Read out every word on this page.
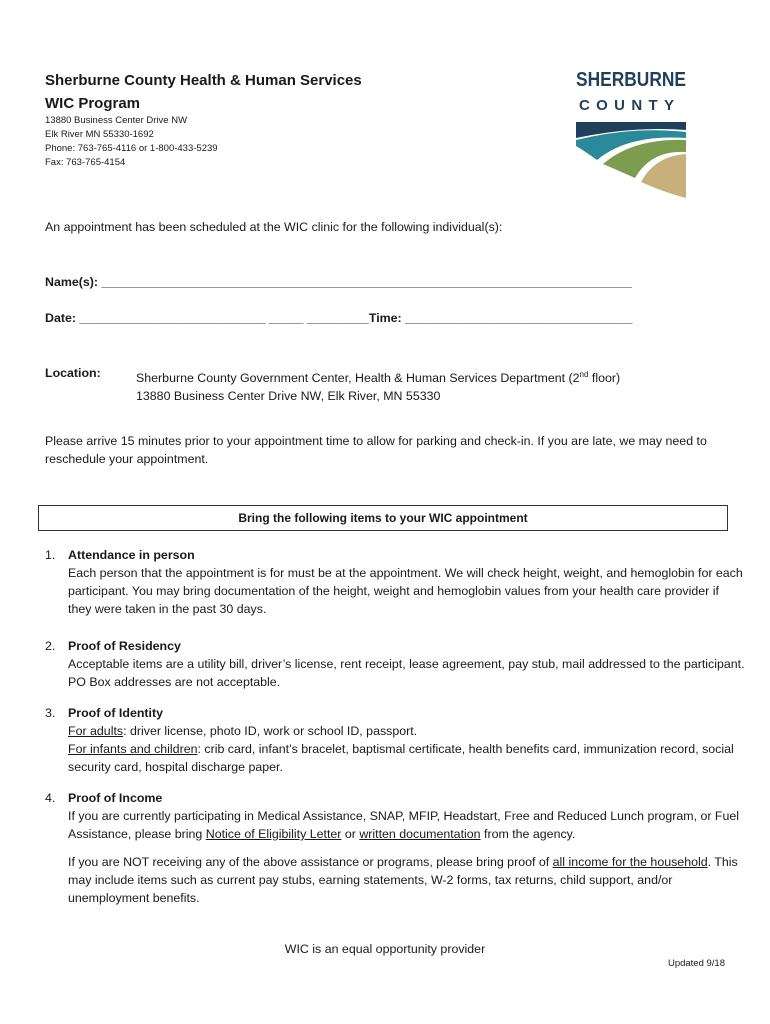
Sherburne County Health & Human Services
WIC Program
13880 Business Center Drive NW
Elk River MN 55330-1692
Phone: 763-765-4116 or 1-800-433-5239
Fax: 763-765-4154
SHERBURNE
COUNTY
An appointment has been scheduled at the WIC clinic for the following individual(s):
Name(s): _____________________________________________________________________________
Date: ___________________________ _____ _________Time: _________________________________
Location:	Sherburne County Government Center, Health & Human Services Department (2nd floor)
13880 Business Center Drive NW, Elk River, MN 55330
Please arrive 15 minutes prior to your appointment time to allow for parking and check-in. If you are late, we may need to reschedule your appointment.
Bring the following items to your WIC appointment
1. Attendance in person
Each person that the appointment is for must be at the appointment. We will check height, weight, and hemoglobin for each participant. You may bring documentation of the height, weight and hemoglobin values from your health care provider if they were taken in the past 30 days.
2. Proof of Residency
Acceptable items are a utility bill, driver’s license, rent receipt, lease agreement, pay stub, mail addressed to the participant. PO Box addresses are not acceptable.
3. Proof of Identity
For adults: driver license, photo ID, work or school ID, passport.
For infants and children: crib card, infant’s bracelet, baptismal certificate, health benefits card, immunization record, social security card, hospital discharge paper.
4. Proof of Income
If you are currently participating in Medical Assistance, SNAP, MFIP, Headstart, Free and Reduced Lunch program, or Fuel Assistance, please bring Notice of Eligibility Letter or written documentation from the agency.
If you are NOT receiving any of the above assistance or programs, please bring proof of all income for the household. This may include items such as current pay stubs, earning statements, W-2 forms, tax returns, child support, and/or unemployment benefits.
WIC is an equal opportunity provider
Updated 9/18
